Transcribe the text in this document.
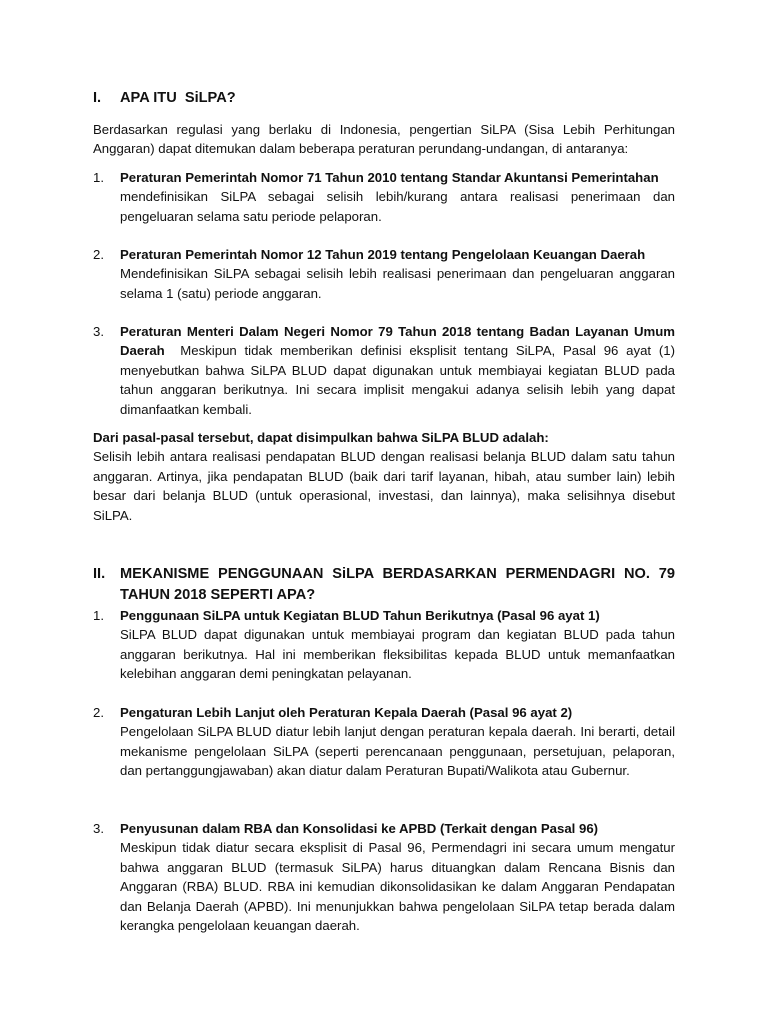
I.	APA ITU  SiLPA?

Berdasarkan regulasi yang berlaku di Indonesia, pengertian SiLPA (Sisa Lebih Perhitungan Anggaran) dapat ditemukan dalam beberapa peraturan perundang-undangan, di antaranya:

1.	Peraturan Pemerintah Nomor 71 Tahun 2010 tentang Standar Akuntansi Pemerintahan

mendefinisikan SiLPA sebagai selisih lebih/kurang antara realisasi penerimaan dan pengeluaran selama satu periode pelaporan.

2.	Peraturan Pemerintah Nomor 12 Tahun 2019 tentang Pengelolaan Keuangan Daerah

Mendefinisikan SiLPA sebagai selisih lebih realisasi penerimaan dan pengeluaran anggaran selama 1 (satu) periode anggaran.

3.	Peraturan Menteri Dalam Negeri Nomor 79 Tahun 2018 tentang Badan Layanan Umum Daerah Meskipun tidak memberikan definisi eksplisit tentang SiLPA, Pasal 96 ayat (1) menyebutkan bahwa SiLPA BLUD dapat digunakan untuk membiayai kegiatan BLUD pada tahun anggaran berikutnya. Ini secara implisit mengakui adanya selisih lebih yang dapat dimanfaatkan kembali.

Dari pasal-pasal tersebut, dapat disimpulkan bahwa SiLPA BLUD adalah:

Selisih lebih antara realisasi pendapatan BLUD dengan realisasi belanja BLUD dalam satu tahun anggaran. Artinya, jika pendapatan BLUD (baik dari tarif layanan, hibah, atau sumber lain) lebih besar dari belanja BLUD (untuk operasional, investasi, dan lainnya), maka selisihnya disebut SiLPA.

II.	MEKANISME PENGGUNAAN SiLPA BERDASARKAN PERMENDAGRI NO. 79 TAHUN 2018 SEPERTI APA?
1.	Penggunaan SiLPA untuk Kegiatan BLUD Tahun Berikutnya (Pasal 96 ayat 1)

SiLPA BLUD dapat digunakan untuk membiayai program dan kegiatan BLUD pada tahun anggaran berikutnya. Hal ini memberikan fleksibilitas kepada BLUD untuk memanfaatkan kelebihan anggaran demi peningkatan pelayanan.

2.	Pengaturan Lebih Lanjut oleh Peraturan Kepala Daerah (Pasal 96 ayat 2)

Pengelolaan SiLPA BLUD diatur lebih lanjut dengan peraturan kepala daerah. Ini berarti, detail mekanisme pengelolaan SiLPA (seperti perencanaan penggunaan, persetujuan, pelaporan, dan pertanggungjawaban) akan diatur dalam Peraturan Bupati/Walikota atau Gubernur.

3.	Penyusunan dalam RBA dan Konsolidasi ke APBD (Terkait dengan Pasal 96)

Meskipun tidak diatur secara eksplisit di Pasal 96, Permendagri ini secara umum mengatur bahwa anggaran BLUD (termasuk SiLPA) harus dituangkan dalam Rencana Bisnis dan Anggaran (RBA) BLUD. RBA ini kemudian dikonsolidasikan ke dalam Anggaran Pendapatan dan Belanja Daerah (APBD). Ini menunjukkan bahwa pengelolaan SiLPA tetap berada dalam kerangka pengelolaan keuangan daerah.
